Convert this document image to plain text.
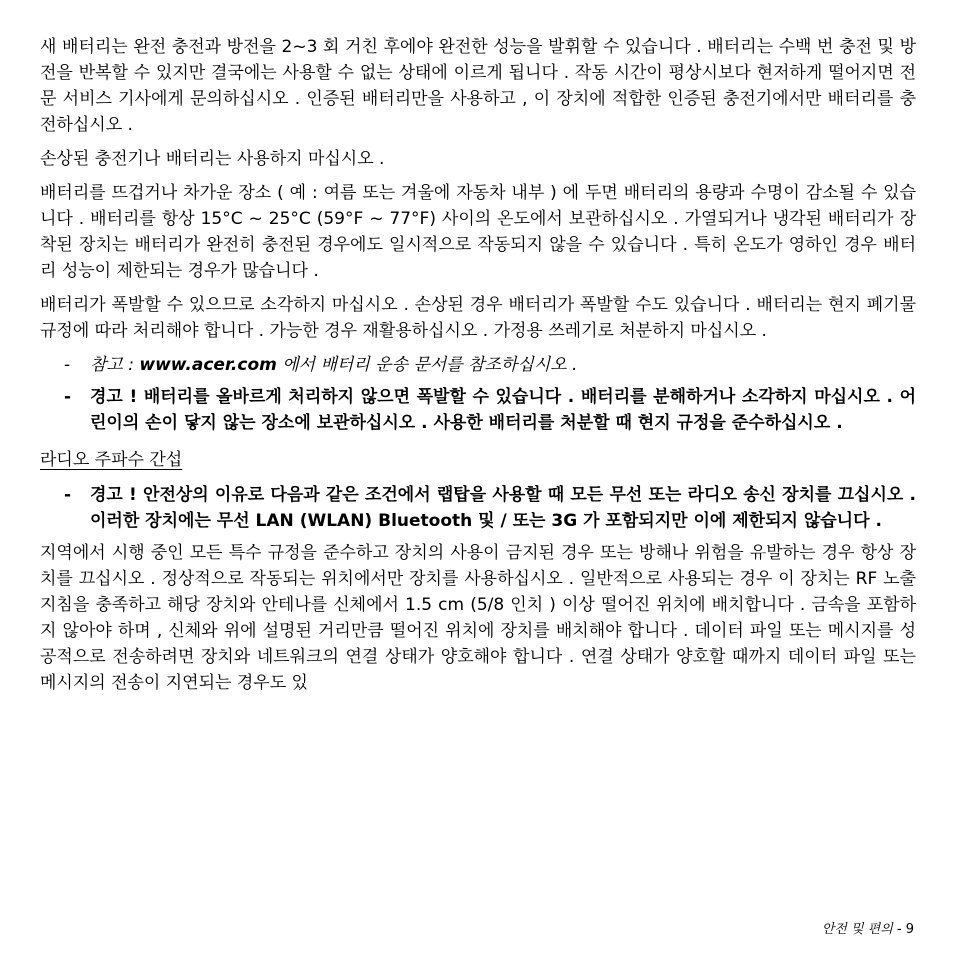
새 배터리는 완전 충전과 방전을 2~3 회 거친 후에야 완전한 성능을 발휘할 수 있습니다 . 배터리는 수백 번 충전 및 방전을 반복할 수 있지만 결국에는 사용할 수 없는 상태에 이르게 됩니다 . 작동 시간이 평상시보다 현저하게 떨어지면 전문 서비스 기사에게 문의하십시오 . 인증된 배터리만을 사용하고 , 이 장치에 적합한 인증된 충전기에서만 배터리를 충전하십시오 .

손상된 충전기나 배터리는 사용하지 마십시오 .

배터리를 뜨겁거나 차가운 장소 ( 예 : 여름 또는 겨울에 자동차 내부 ) 에 두면 배터리의 용량과 수명이 감소될 수 있습니다 . 배터리를 항상 15°C ~ 25°C (59°F ~ 77°F) 사이의 온도에서 보관하십시오 . 가열되거나 냉각된 배터리가 장착된 장치는 배터리가 완전히 충전된 경우에도 일시적으로 작동되지 않을 수 있습니다 . 특히 온도가 영하인 경우 배터리 성능이 제한되는 경우가 많습니다 .

배터리가 폭발할 수 있으므로 소각하지 마십시오 . 손상된 경우 배터리가 폭발할 수도 있습니다 . 배터리는 현지 폐기물 규정에 따라 처리해야 합니다 . 가능한 경우 재활용하십시오 . 가정용 쓰레기로 처분하지 마십시오 .

-	참고 : www.acer.com 에서 배터리 운송 문서를 참조하십시오 .
-	경고 ! 배터리를 올바르게 처리하지 않으면 폭발할 수 있습니다 . 배터리를 분해하거나 소각하지 마십시오 . 어린이의 손이 닿지 않는 장소에 보관하십시오 . 사용한 배터리를 처분할 때 현지 규정을 준수하십시오 .
라디오 주파수 간섭
-	경고 ! 안전상의 이유로 다음과 같은 조건에서 랩탑을 사용할 때 모든 무선 또는 라디오 송신 장치를 끄십시오 . 이러한 장치에는 무선 LAN (WLAN) Bluetooth 및 / 또는 3G 가 포함되지만 이에 제한되지 않습니다 .

지역에서 시행 중인 모든 특수 규정을 준수하고 장치의 사용이 금지된 경우 또는 방해나 위험을 유발하는 경우 항상 장치를 끄십시오 . 정상적으로 작동되는 위치에서만 장치를 사용하십시오 . 일반적으로 사용되는 경우 이 장치는 RF 노출 지침을 충족하고 해당 장치와 안테나를 신체에서 1.5 cm (5/8 인치 ) 이상 떨어진 위치에 배치합니다 . 금속을 포함하지 않아야 하며 , 신체와 위에 설명된 거리만큼 떨어진 위치에 장치를 배치해야 합니다 . 데이터 파일 또는 메시지를 성공적으로 전송하려면 장치와 네트워크의 연결 상태가 양호해야 합니다 . 연결 상태가 양호할 때까지 데이터 파일 또는 메시지의 전송이 지연되는 경우도 있

안전 및 편의 - 9
